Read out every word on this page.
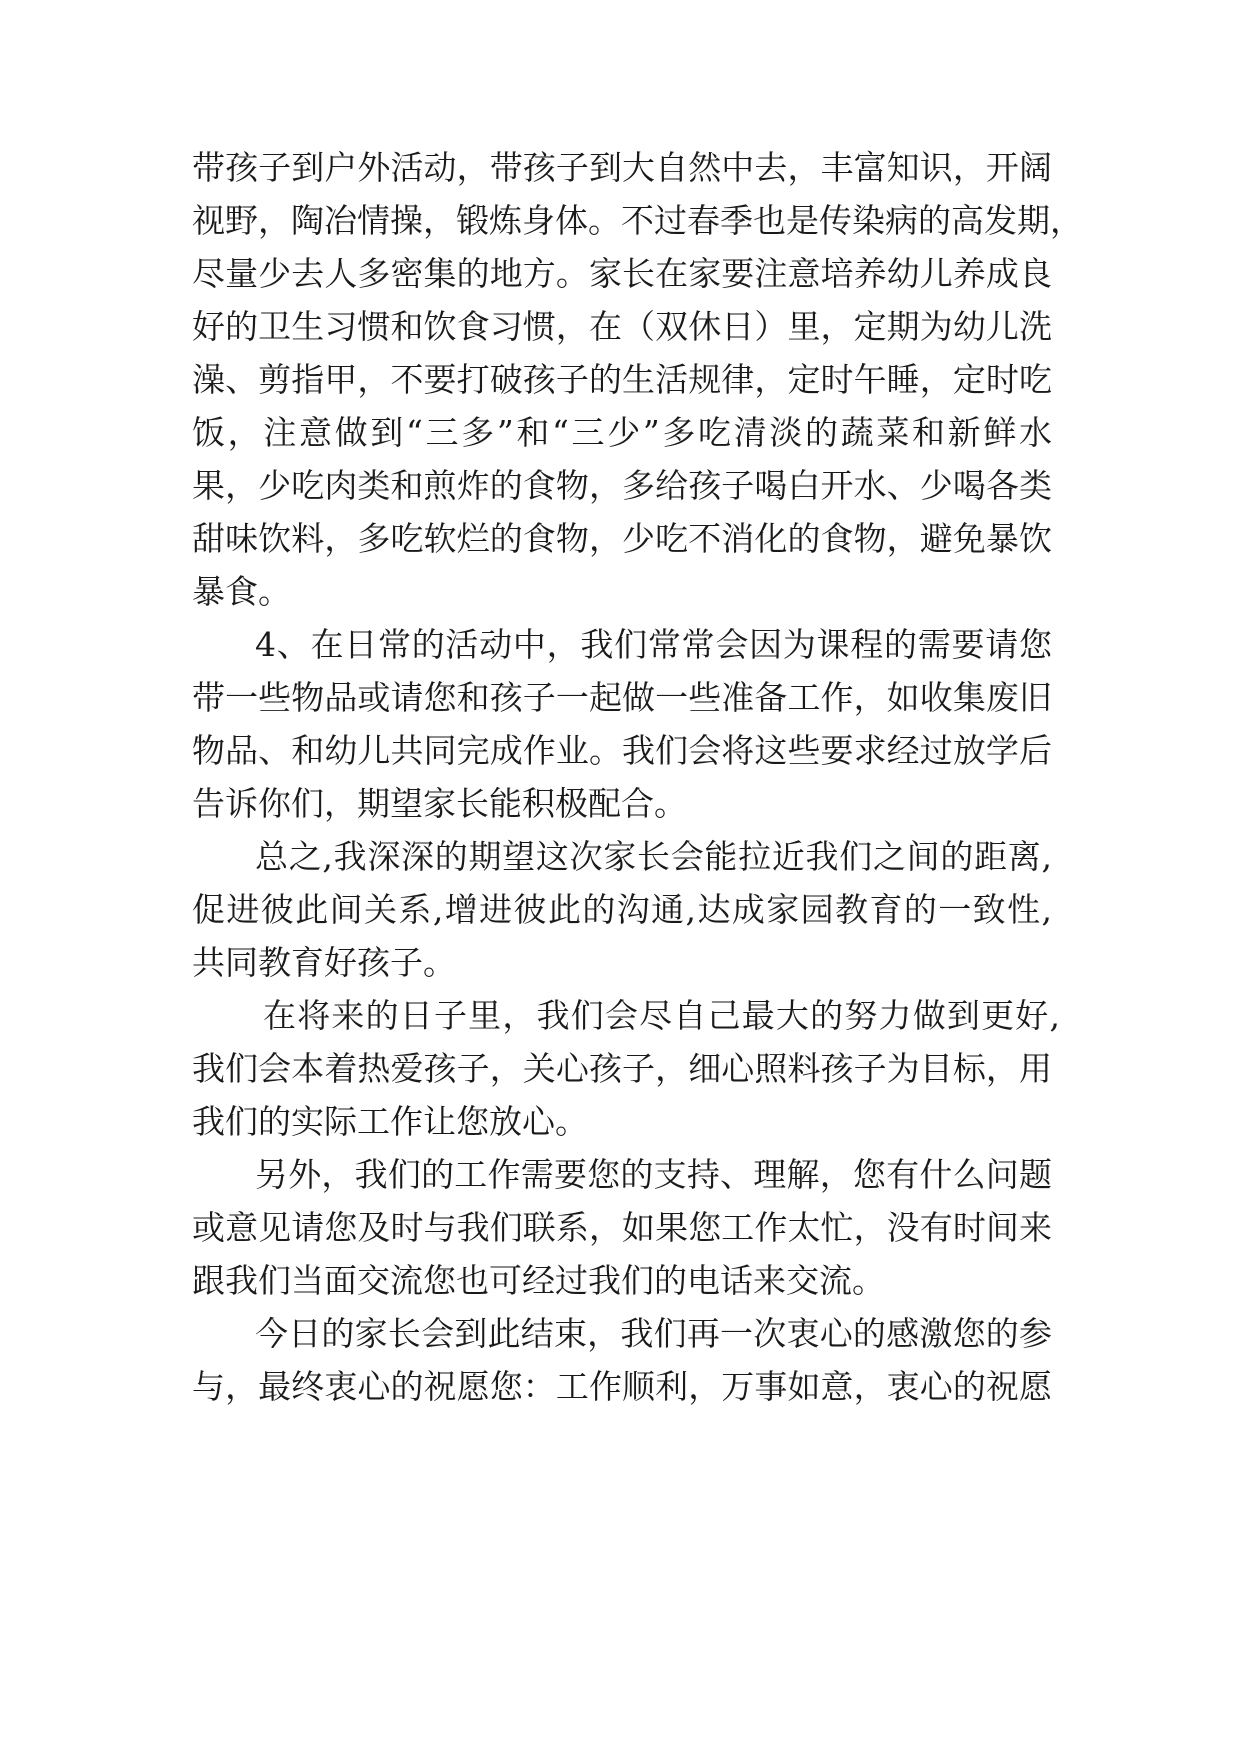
带孩子到户外活动，带孩子到大自然中去，丰富知识，开阔

视野，陶冶情操，锻炼身体。不过春季也是传染病的高发期，

尽量少去人多密集的地方。家长在家要注意培养幼儿养成良

好的卫生习惯和饮食习惯，在（双休日）里，定期为幼儿洗

澡、剪指甲，不要打破孩子的生活规律，定时午睡，定时吃

饭，注意做到“三多”和“三少”多吃清淡的蔬菜和新鲜水

果，少吃肉类和煎炸的食物，多给孩子喝白开水、少喝各类

甜味饮料，多吃软烂的食物，少吃不消化的食物，避免暴饮

暴食。

4、在日常的活动中，我们常常会因为课程的需要请您

带一些物品或请您和孩子一起做一些准备工作，如收集废旧

物品、和幼儿共同完成作业。我们会将这些要求经过放学后

告诉你们，期望家长能积极配合。

总之,我深深的期望这次家长会能拉近我们之间的距离,

促进彼此间关系,增进彼此的沟通,达成家园教育的一致性,

共同教育好孩子。

在将来的日子里，我们会尽自己最大的努力做到更好,

我们会本着热爱孩子，关心孩子，细心照料孩子为目标，用

我们的实际工作让您放心。

另外，我们的工作需要您的支持、理解，您有什么问题

或意见请您及时与我们联系，如果您工作太忙，没有时间来

跟我们当面交流您也可经过我们的电话来交流。

今日的家长会到此结束，我们再一次衷心的感激您的参

与，最终衷心的祝愿您：工作顺利，万事如意，衷心的祝愿
